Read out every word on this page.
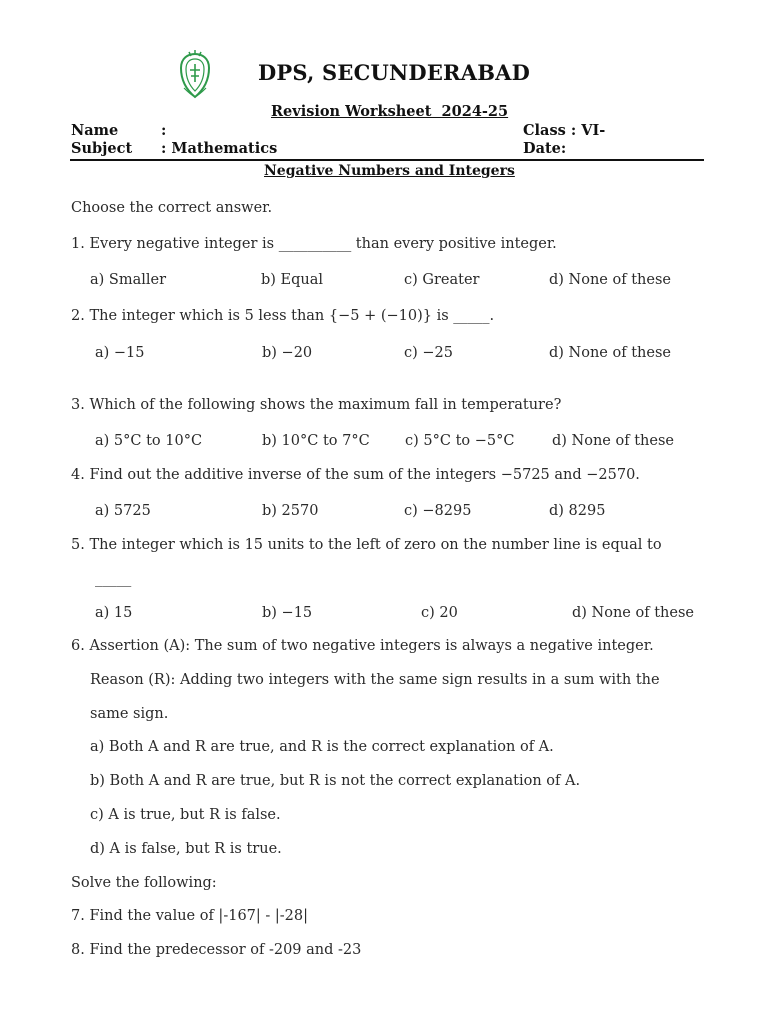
DPS, SECUNDERABAD
Revision Worksheet  2024-25
Name	:	Class : VI-
Subject : Mathematics	Date:
Negative Numbers and Integers
Choose the correct answer.
1. Every negative integer is __________ than every positive integer.
a) Smaller	b) Equal	c) Greater	d) None of these
2. The integer which is 5 less than {−5 + (−10)} is _____.
a) −15	b) −20	c) −25	d) None of these
3. Which of the following shows the maximum fall in temperature?
a) 5°C to 10°C	b) 10°C to 7°C c) 5°C to −5°C	d) None of these
4. Find out the additive inverse of the sum of the integers −5725 and −2570.
a) 5725	b) 2570	c) −8295	d) 8295
5. The integer which is 15 units to the left of zero on the number line is equal to
_____
a) 15	b) −15	c) 20	d) None of these
6. Assertion (A): The sum of two negative integers is always a negative integer.
Reason (R): Adding two integers with the same sign results in a sum with the
same sign.
a) Both A and R are true, and R is the correct explanation of A.
b) Both A and R are true, but R is not the correct explanation of A.
c) A is true, but R is false.
d) A is false, but R is true.
Solve the following:
7. Find the value of |-167| - |-28|
8. Find the predecessor of -209 and -23
